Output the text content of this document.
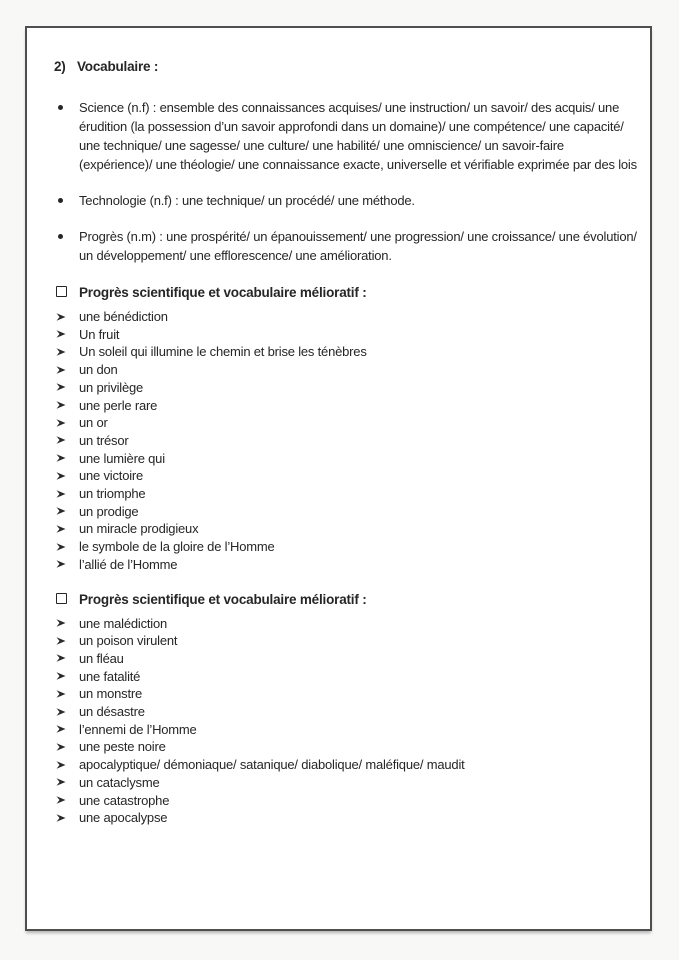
2) Vocabulaire :
Science (n.f) : ensemble des connaissances acquises/ une instruction/ un savoir/ des acquis/ une érudition (la possession d’un savoir approfondi dans un domaine)/ une compétence/ une capacité/ une technique/ une sagesse/ une culture/ une habilité/ une omniscience/ un savoir-faire (expérience)/ une théologie/ une connaissance exacte, universelle et vérifiable exprimée par des lois
Technologie (n.f) : une technique/ un procédé/ une méthode.
Progrès (n.m) : une prospérité/ un épanouissement/ une progression/ une croissance/ une évolution/ un développement/ une efflorescence/ une amélioration.
Progrès scientifique et vocabulaire mélioratif :
une bénédiction
Un fruit
Un soleil qui illumine le chemin et brise les ténèbres
un don
un privilège
une perle rare
un or
un trésor
une lumière qui
une victoire
un triomphe
un prodige
un miracle prodigieux
le symbole de la gloire de l’Homme
l’allié de l’Homme
Progrès scientifique et vocabulaire mélioratif :
une malédiction
un poison virulent
un fléau
une fatalité
un monstre
un désastre
l’ennemi de l’Homme
une peste noire
apocalyptique/ démoniaque/ satanique/ diabolique/ maléfique/ maudit
un cataclysme
une catastrophe
une apocalypse
